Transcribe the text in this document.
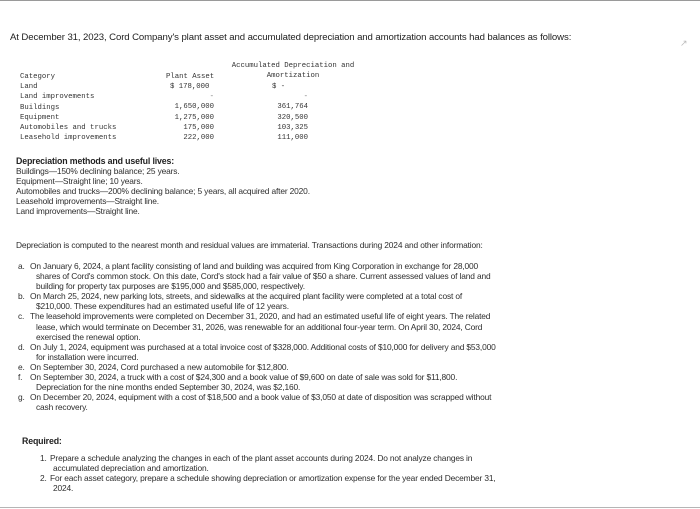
↗
At December 31, 2023, Cord Company's plant asset and accumulated depreciation and amortization accounts had balances as follows:
Accumulated Depreciation and
Amortization
Category
Land
Land improvements
Buildings
Equipment
Automobiles and trucks
Leasehold improvements
Plant Asset
$ 178,000
-
1,650,000
1,275,000
175,000
222,000
$ -
-
361,764
320,500
103,325
111,000
Depreciation methods and useful lives:
Buildings—150% declining balance; 25 years.
Equipment—Straight line; 10 years.
Automobiles and trucks—200% declining balance; 5 years, all acquired after 2020.
Leasehold improvements—Straight line.
Land improvements—Straight line.
Depreciation is computed to the nearest month and residual values are immaterial. Transactions during 2024 and other information:
a. On January 6, 2024, a plant facility consisting of land and building was acquired from King Corporation in exchange for 28,000
shares of Cord's common stock. On this date, Cord's stock had a fair value of $50 a share. Current assessed values of land and
building for property tax purposes are $195,000 and $585,000, respectively.
b. On March 25, 2024, new parking lots, streets, and sidewalks at the acquired plant facility were completed at a total cost of
$210,000. These expenditures had an estimated useful life of 12 years.
c. The leasehold improvements were completed on December 31, 2020, and had an estimated useful life of eight years. The related
lease, which would terminate on December 31, 2026, was renewable for an additional four-year term. On April 30, 2024, Cord
exercised the renewal option.
d. On July 1, 2024, equipment was purchased at a total invoice cost of $328,000. Additional costs of $10,000 for delivery and $53,000
for installation were incurred.
e. On September 30, 2024, Cord purchased a new automobile for $12,800.
f. On September 30, 2024, a truck with a cost of $24,300 and a book value of $9,600 on date of sale was sold for $11,800.
Depreciation for the nine months ended September 30, 2024, was $2,160.
g. On December 20, 2024, equipment with a cost of $18,500 and a book value of $3,050 at date of disposition was scrapped without
cash recovery.
Required:
1. Prepare a schedule analyzing the changes in each of the plant asset accounts during 2024. Do not analyze changes in
accumulated depreciation and amortization.
2. For each asset category, prepare a schedule showing depreciation or amortization expense for the year ended December 31,
2024.
